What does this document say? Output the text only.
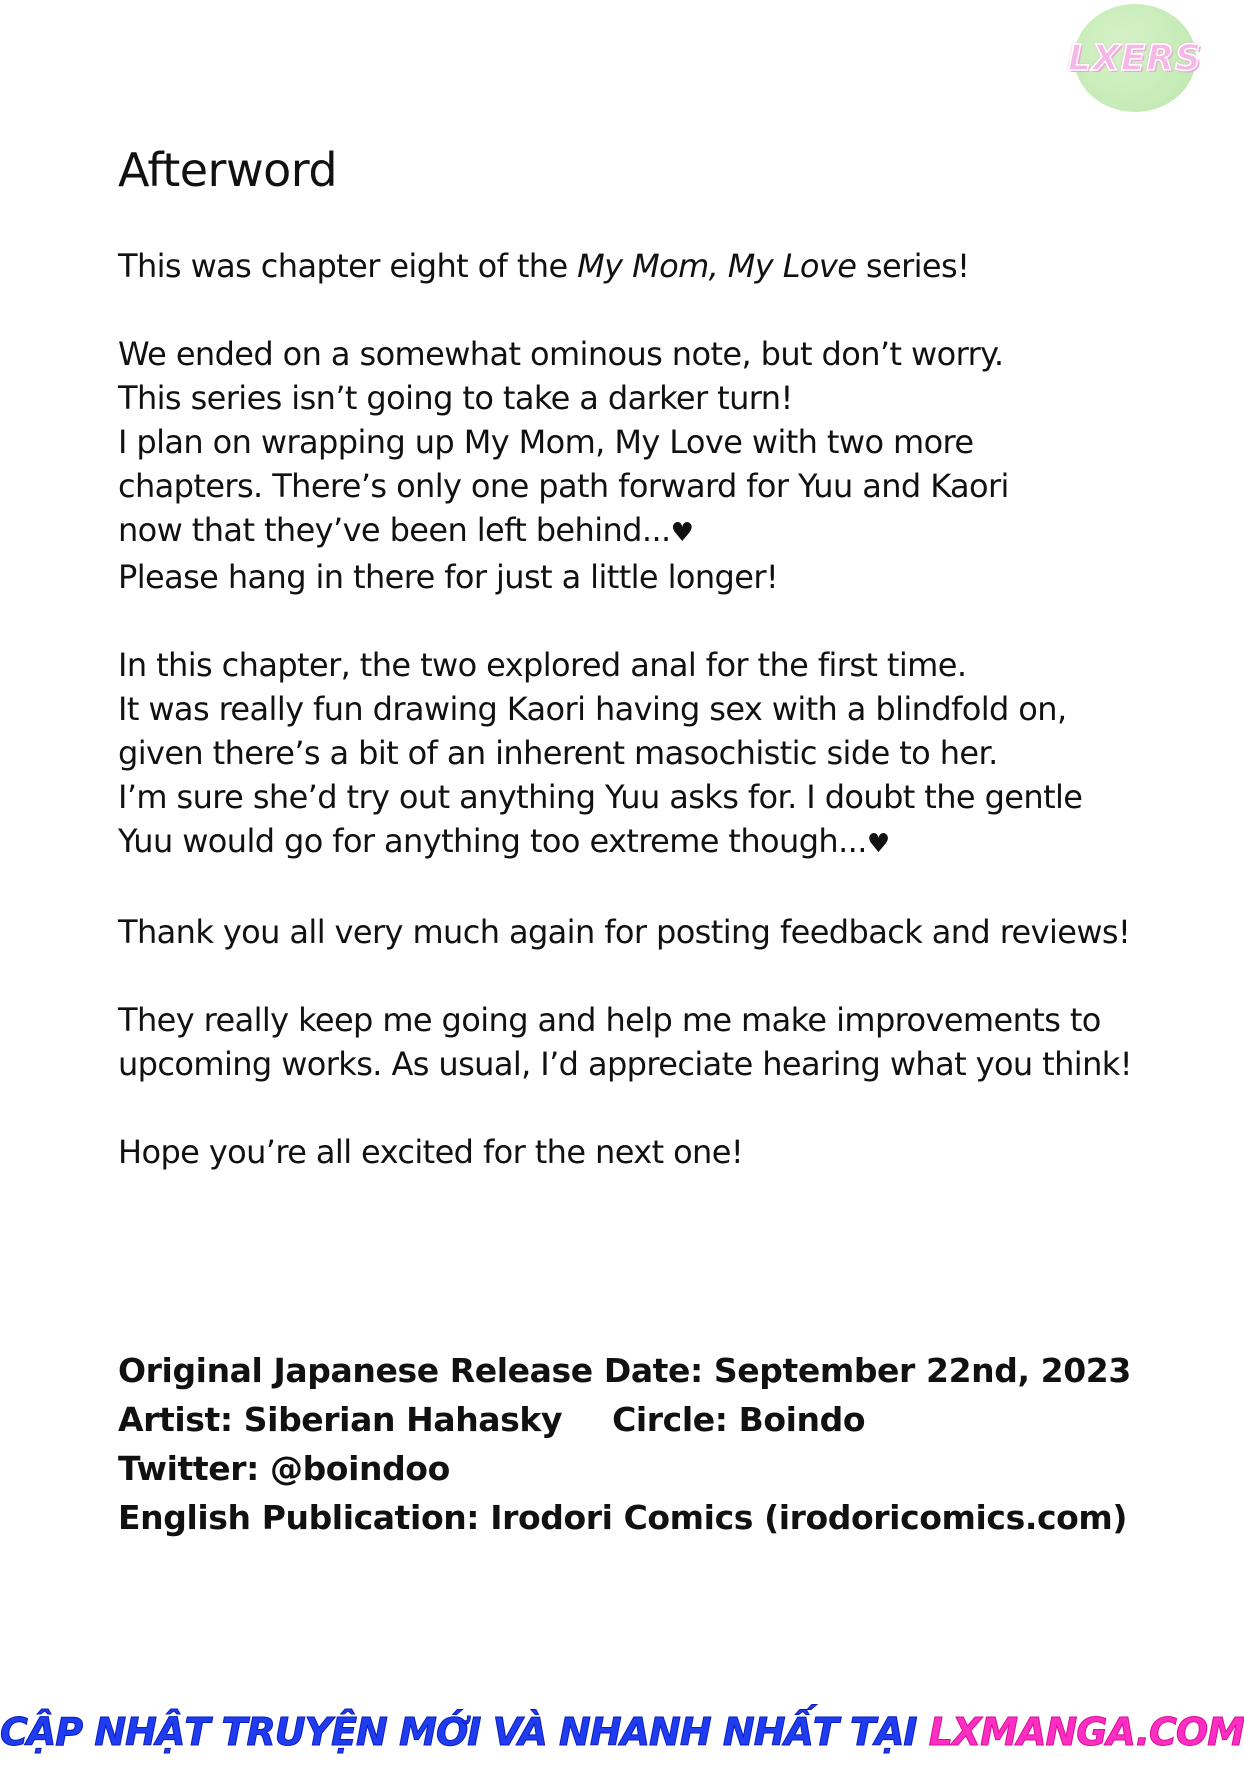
LXERS
Afterword
This was chapter eight of the My Mom, My Love series!
We ended on a somewhat ominous note, but don’t worry.
This series isn’t going to take a darker turn!
I plan on wrapping up My Mom, My Love with two more
chapters. There’s only one path forward for Yuu and Kaori
now that they’ve been left behind...♥
Please hang in there for just a little longer!
In this chapter, the two explored anal for the first time.
It was really fun drawing Kaori having sex with a blindfold on,
given there’s a bit of an inherent masochistic side to her.
I’m sure she’d try out anything Yuu asks for. I doubt the gentle
Yuu would go for anything too extreme though...♥
Thank you all very much again for posting feedback and reviews!
They really keep me going and help me make improvements to
upcoming works. As usual, I’d appreciate hearing what you think!
Hope you’re all excited for the next one!
Original Japanese Release Date: September 22nd, 2023
Artist: Siberian Hahasky Circle: Boindo
Twitter: @boindoo
English Publication: Irodori Comics (irodoricomics.com)
CẬP NHẬT TRUYỆN MỚI VÀ NHANH NHẤT TẠI LXMANGA.COM
